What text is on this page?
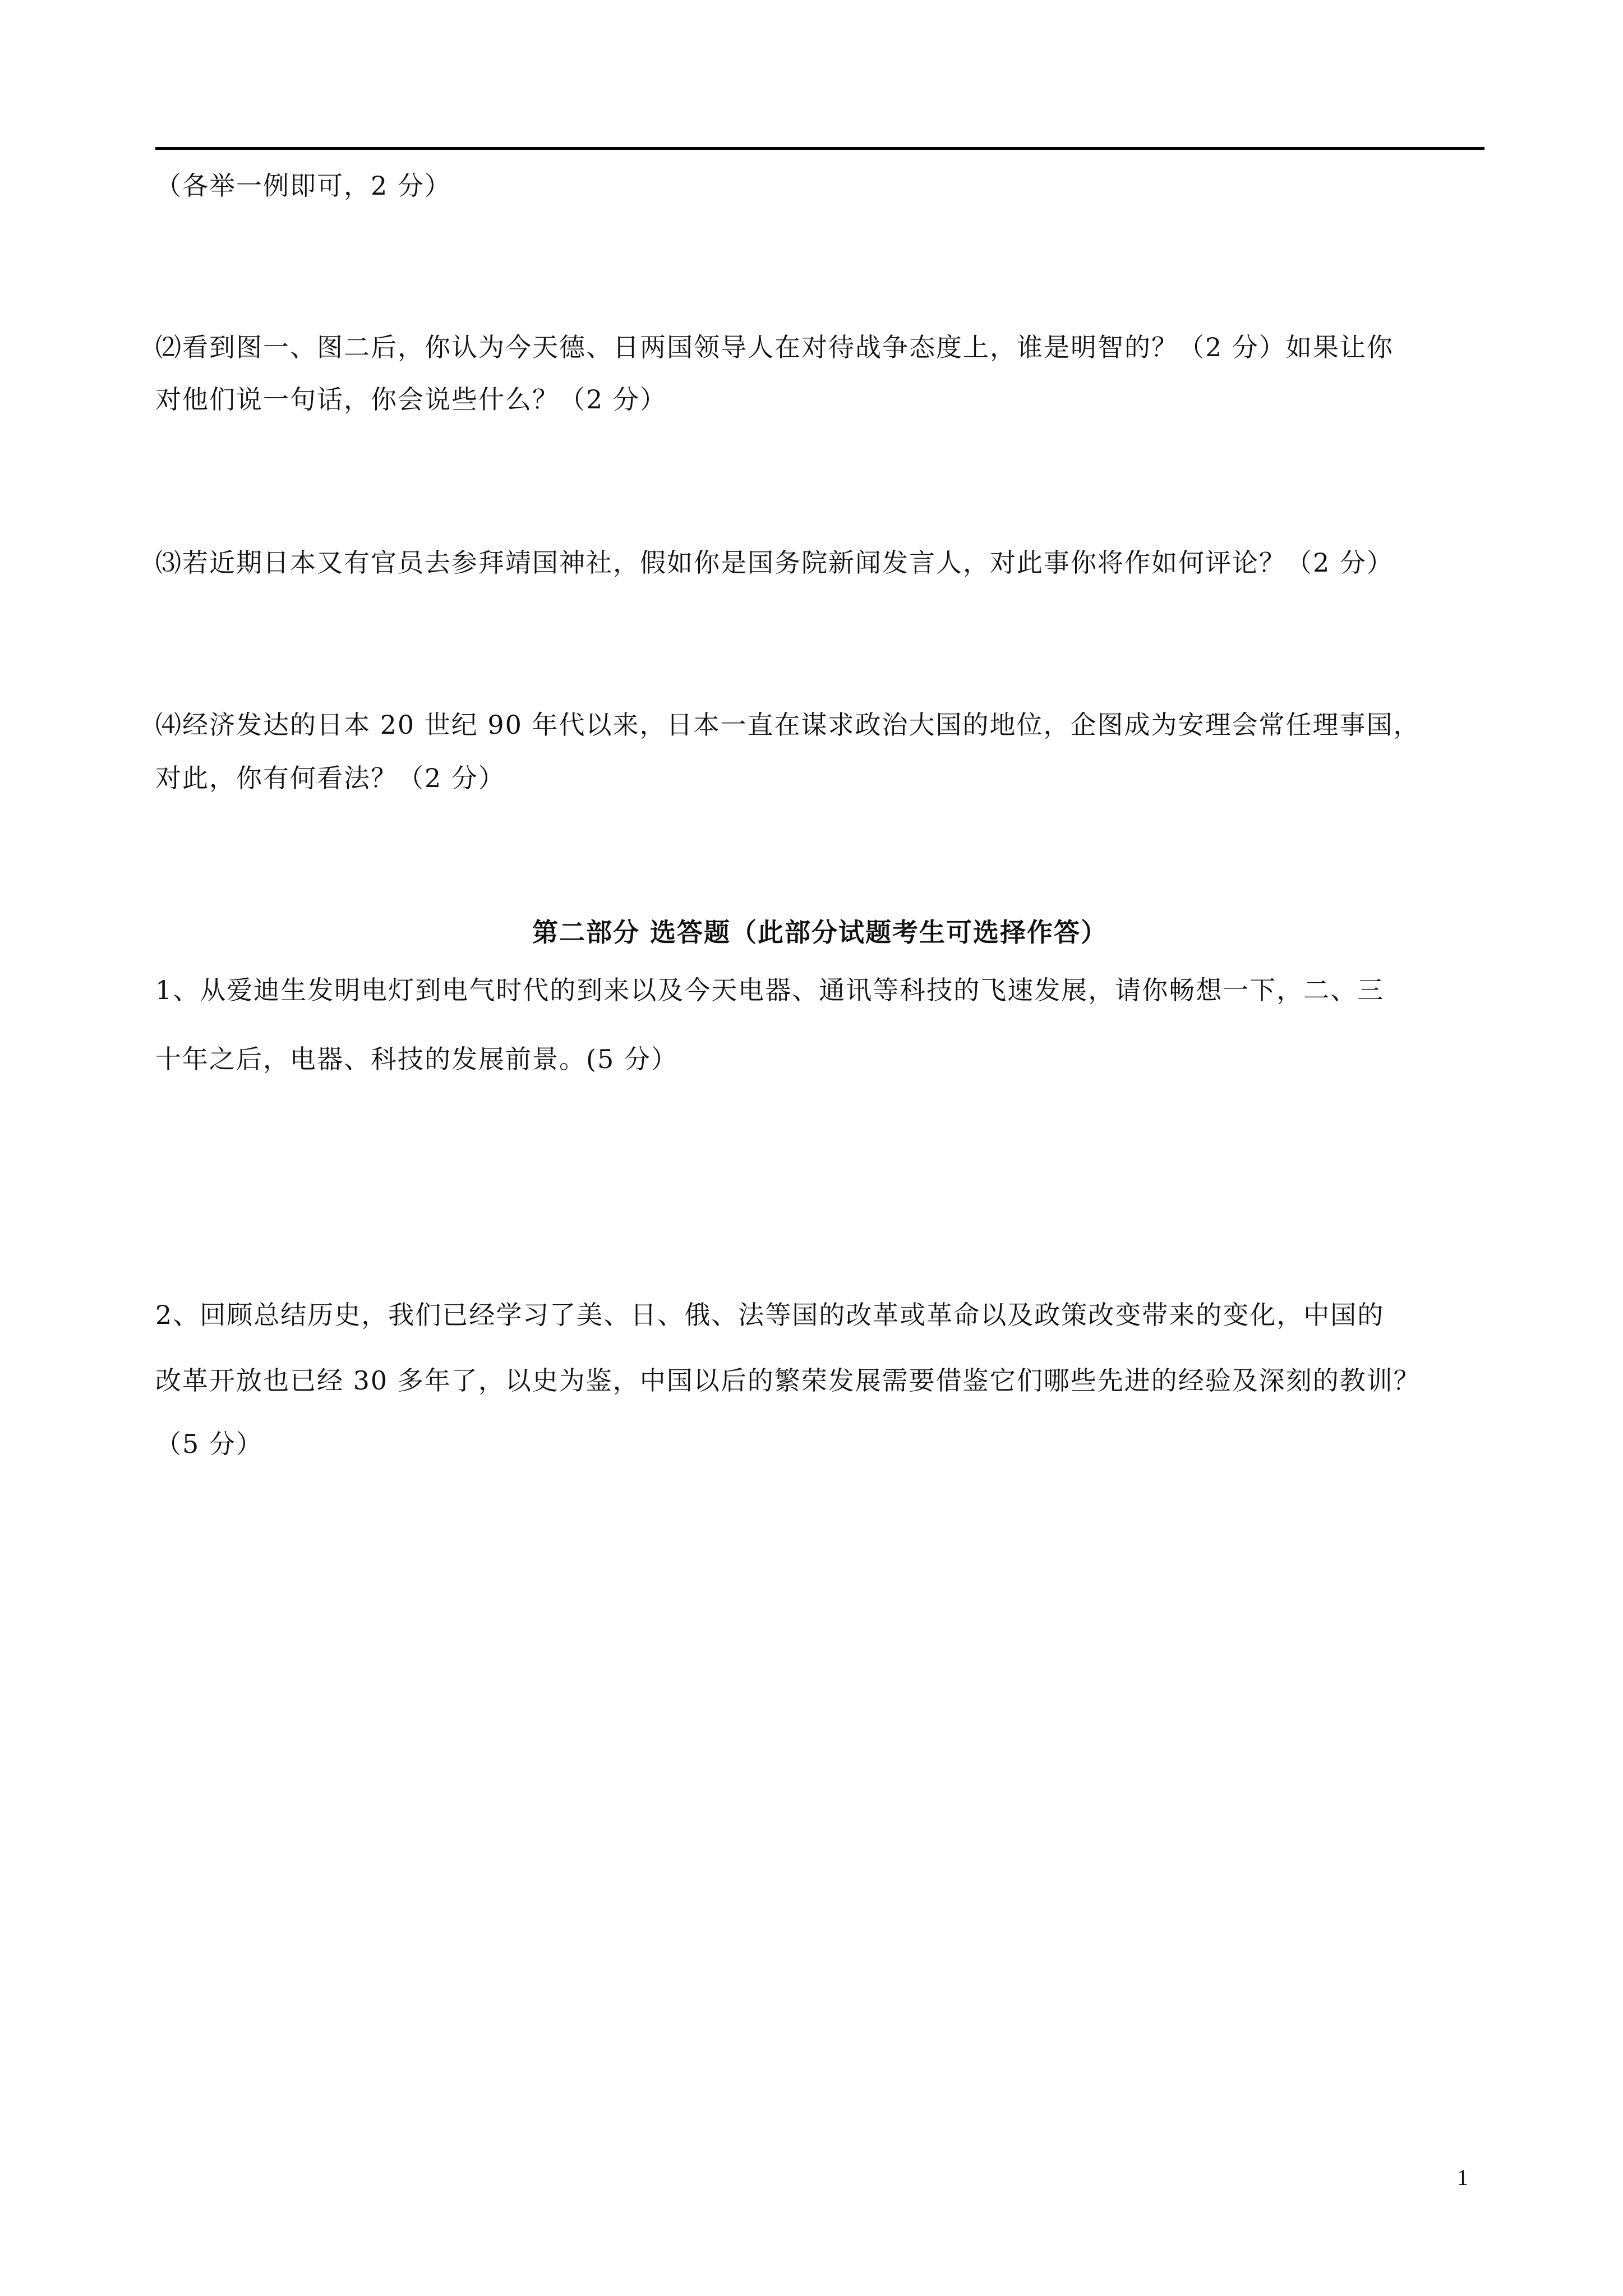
（各举一例即可，2 分）
⑵看到图一、图二后，你认为今天德、日两国领导人在对待战争态度上，谁是明智的？（2 分）如果让你
对他们说一句话，你会说些什么？（2 分）
⑶若近期日本又有官员去参拜靖国神社，假如你是国务院新闻发言人，对此事你将作如何评论？（2 分）
⑷经济发达的日本 20 世纪 90 年代以来，日本一直在谋求政治大国的地位，企图成为安理会常任理事国，
对此，你有何看法？（2 分）
第二部分 选答题（此部分试题考生可选择作答）
1、从爱迪生发明电灯到电气时代的到来以及今天电器、通讯等科技的飞速发展，请你畅想一下，二、三
十年之后，电器、科技的发展前景。(5 分）
2、回顾总结历史，我们已经学习了美、日、俄、法等国的改革或革命以及政策改变带来的变化，中国的
改革开放也已经 30 多年了，以史为鉴，中国以后的繁荣发展需要借鉴它们哪些先进的经验及深刻的教训？
（5 分）
1
